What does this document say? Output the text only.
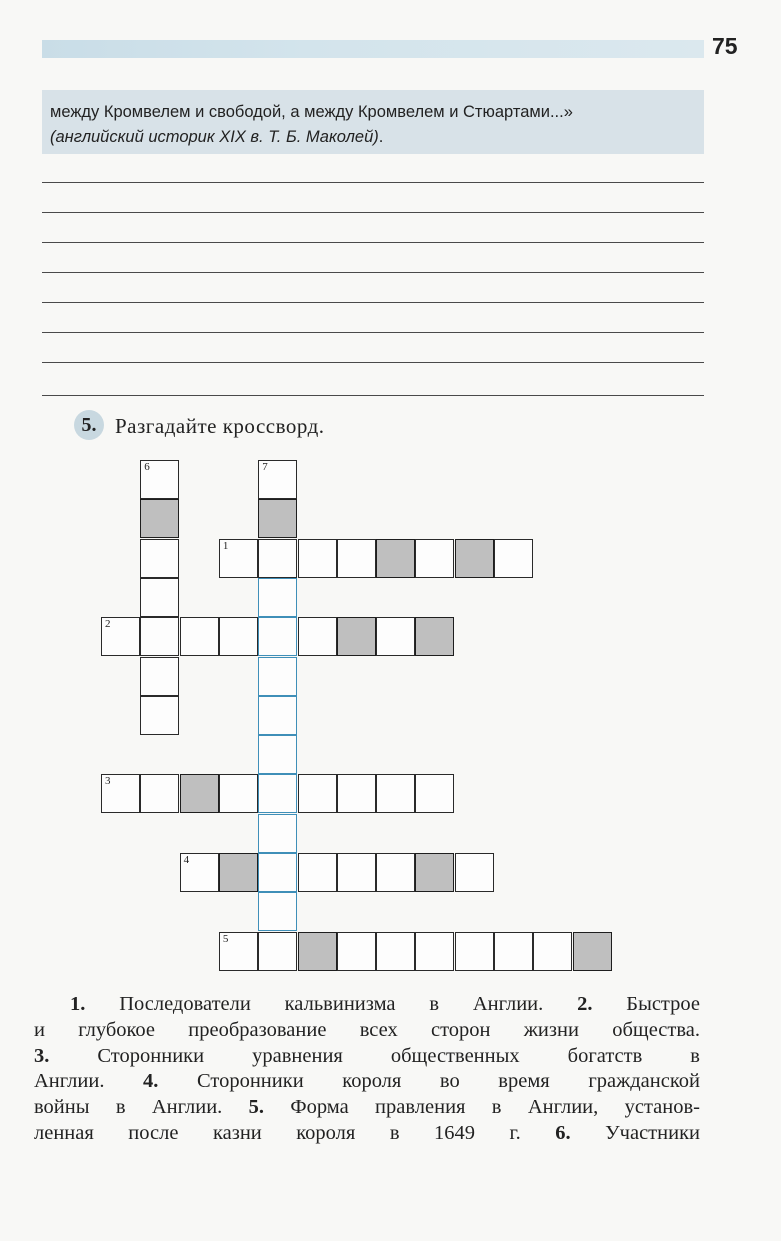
75
между Кромвелем и свободой, а между Кромвелем и Стюартами...»
(английский историк XIX в. Т. Б. Маколей).
5. Разгадайте кроссворд.
1
2
3
4
5
6	7
1. Последователи кальвинизма в Англии. 2. Быстрое
и глубокое преобразование всех сторон жизни общества.
3. Сторонники уравнения общественных богатств в
Англии. 4. Сторонники короля во время гражданской
войны в Англии. 5. Форма правления в Англии, установ-
ленная после казни короля в 1649 г. 6. Участники
